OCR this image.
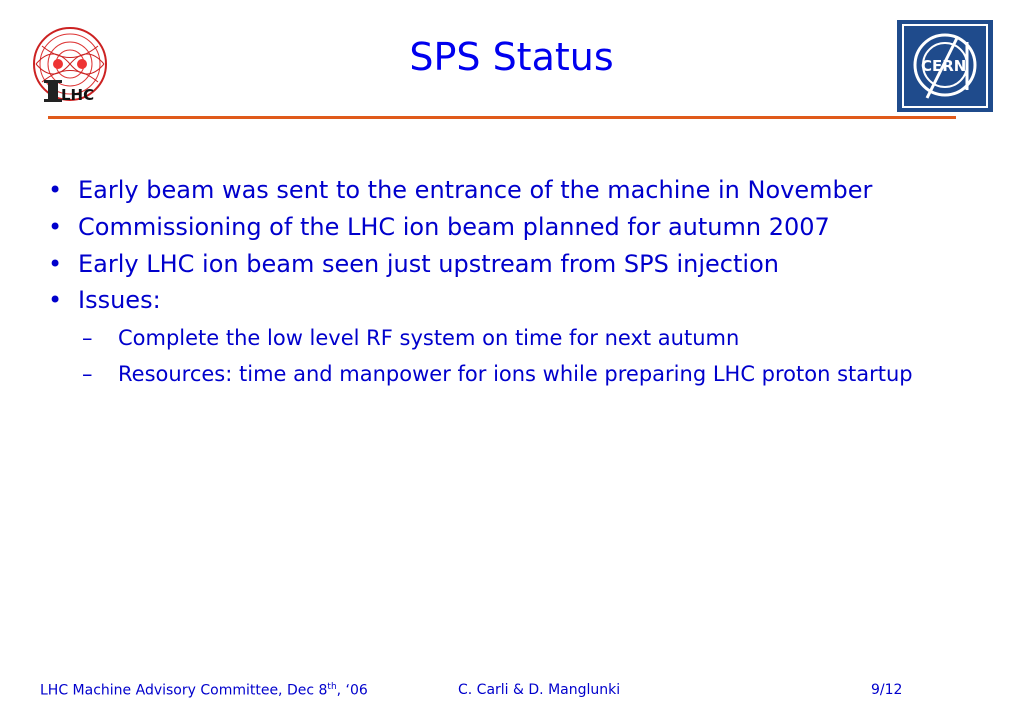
LHC
SPS Status	CERN
• Early beam was sent to the entrance of the machine in November
• Commissioning of the LHC ion beam planned for autumn 2007
• Early LHC ion beam seen just upstream from SPS injection
• Issues:
– Complete the low level RF system on time for next autumn
– Resources: time and manpower for ions while preparing LHC proton startup
LHC Machine Advisory Committee, Dec 8th, ‘06	C. Carli & D. Manglunki	9/12
